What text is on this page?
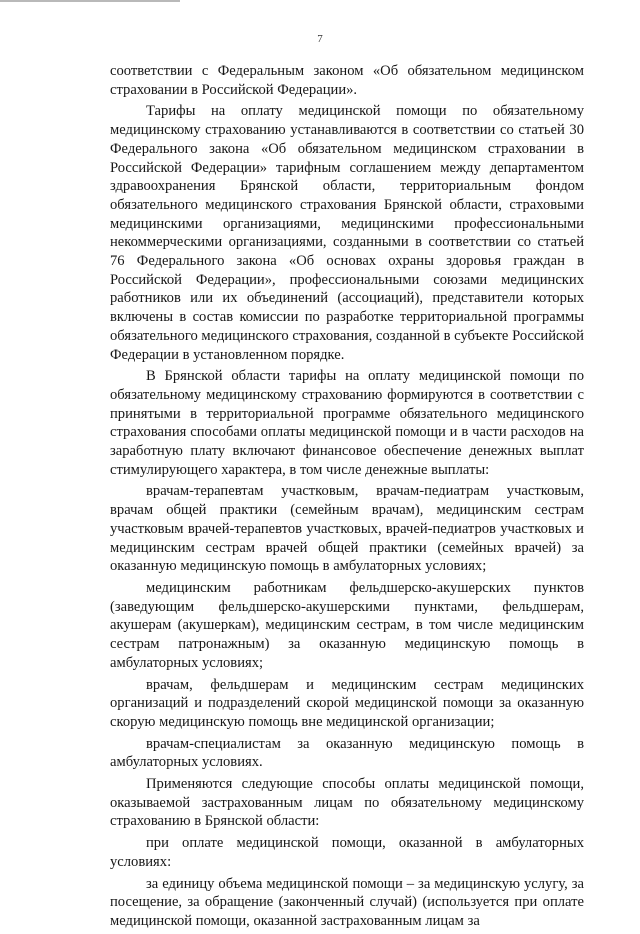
7

соответствии с Федеральным законом «Об обязательном медицинском страховании в Российской Федерации».

Тарифы на оплату медицинской помощи по обязательному медицинскому страхованию устанавливаются в соответствии со статьей 30 Федерального закона «Об обязательном медицинском страховании в Российской Федерации» тарифным соглашением между департаментом здравоохранения Брянской области, территориальным фондом обязательного медицинского страхования Брянской области, страховыми медицинскими организациями, медицинскими профессиональными некоммерческими организациями, созданными в соответствии со статьей 76 Федерального закона «Об основах охраны здоровья граждан в Российской Федерации», профессиональными союзами медицинских работников или их объединений (ассоциаций), представители которых включены в состав комиссии по разработке территориальной программы обязательного медицинского страхования, созданной в субъекте Российской Федерации в установленном порядке.

В Брянской области тарифы на оплату медицинской помощи по обязательному медицинскому страхованию формируются в соответствии с принятыми в территориальной программе обязательного медицинского страхования способами оплаты медицинской помощи и в части расходов на заработную плату включают финансовое обеспечение денежных выплат стимулирующего характера, в том числе денежные выплаты:

врачам-терапевтам участковым, врачам-педиатрам участковым, врачам общей практики (семейным врачам), медицинским сестрам участковым врачей-терапевтов участковых, врачей-педиатров участковых и медицинским сестрам врачей общей практики (семейных врачей) за оказанную медицинскую помощь в амбулаторных условиях;

медицинским работникам фельдшерско-акушерских пунктов (заведующим фельдшерско-акушерскими пунктами, фельдшерам, акушерам (акушеркам), медицинским сестрам, в том числе медицинским сестрам патронажным) за оказанную медицинскую помощь в амбулаторных условиях;

врачам, фельдшерам и медицинским сестрам медицинских организаций и подразделений скорой медицинской помощи за оказанную скорую медицинскую помощь вне медицинской организации;

врачам-специалистам за оказанную медицинскую помощь в амбулаторных условиях.

Применяются следующие способы оплаты медицинской помощи, оказываемой застрахованным лицам по обязательному медицинскому страхованию в Брянской области:

при оплате медицинской помощи, оказанной в амбулаторных условиях:

за единицу объема медицинской помощи – за медицинскую услугу, за посещение, за обращение (законченный случай) (используется при оплате медицинской помощи, оказанной застрахованным лицам за
